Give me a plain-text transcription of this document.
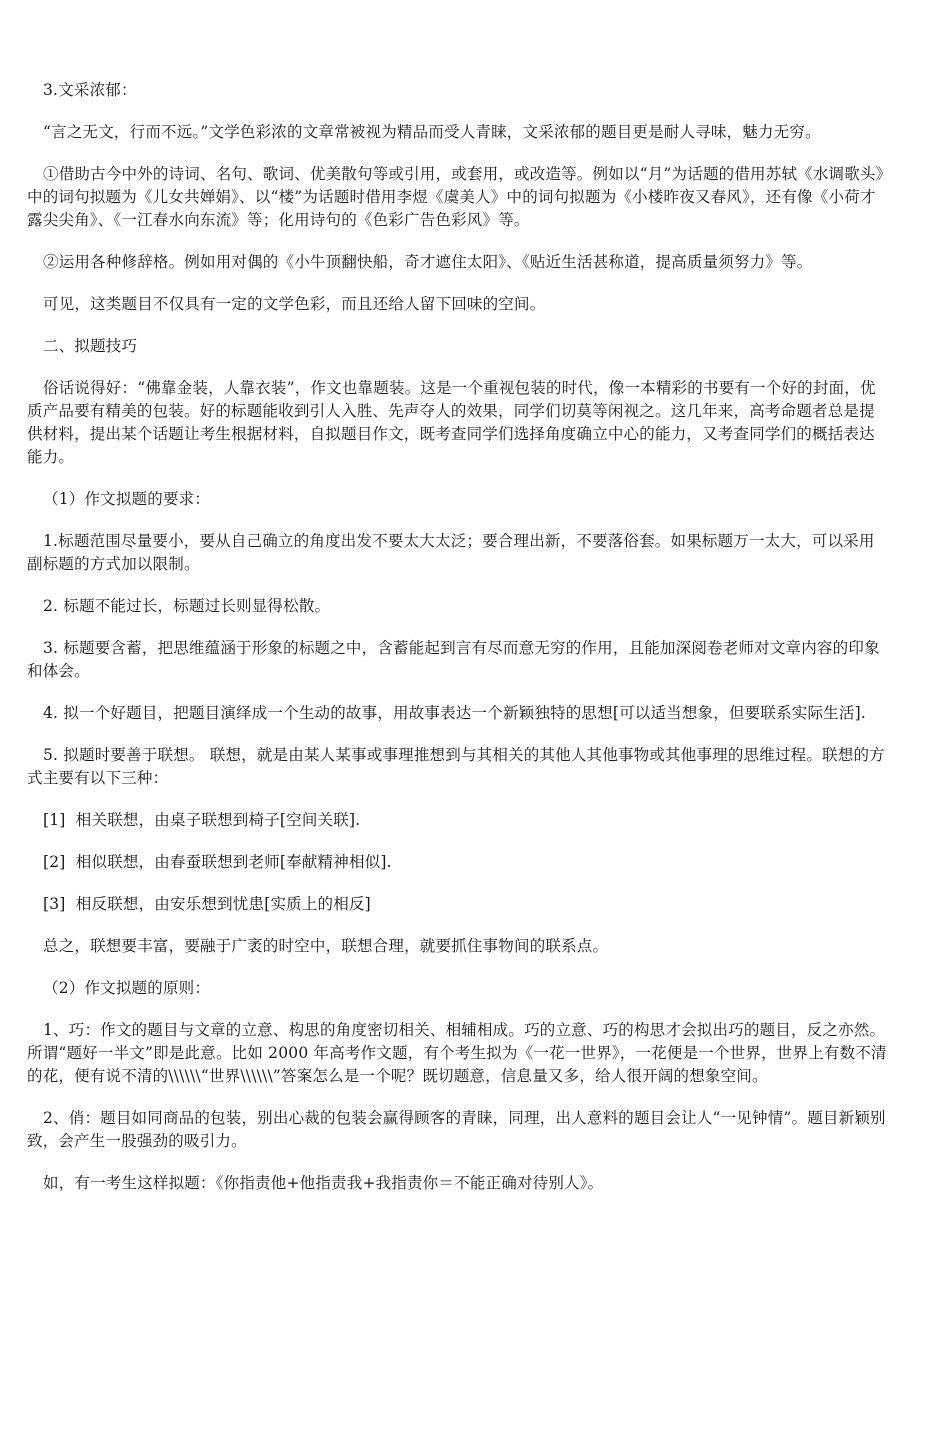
3.文采浓郁：

“言之无文，行而不远。”文学色彩浓的文章常被视为精品而受人青睐，文采浓郁的题目更是耐人寻味，魅力无穷。

①借助古今中外的诗词、名句、歌词、优美散句等或引用，或套用，或改造等。例如以“月”为话题的借用苏轼《水调歌头》中的词句拟题为《儿女共婵娟》、以“楼”为话题时借用李煜《虞美人》中的词句拟题为《小楼昨夜又春风》，还有像《小荷才露尖尖角》、《一江春水向东流》等；化用诗句的《色彩广告色彩风》等。

②运用各种修辞格。例如用对偶的《小牛顶翻快船，奇才遮住太阳》、《贴近生活甚称道，提高质量须努力》等。

可见，这类题目不仅具有一定的文学色彩，而且还给人留下回味的空间。

二、拟题技巧

俗话说得好：“佛靠金装，人靠衣装”，作文也靠题装。这是一个重视包装的时代，像一本精彩的书要有一个好的封面，优质产品要有精美的包装。好的标题能收到引人入胜、先声夺人的效果，同学们切莫等闲视之。这几年来，高考命题者总是提供材料，提出某个话题让考生根据材料，自拟题目作文，既考查同学们选择角度确立中心的能力，又考查同学们的概括表达能力。

（1）作文拟题的要求：

1.标题范围尽量要小，要从自己确立的角度出发不要太大太泛；要合理出新，不要落俗套。如果标题万一太大，可以采用副标题的方式加以限制。

2. 标题不能过长，标题过长则显得松散。

3. 标题要含蓄，把思维蕴涵于形象的标题之中，含蓄能起到言有尽而意无穷的作用，且能加深阅卷老师对文章内容的印象和体会。

4. 拟一个好题目，把题目演绎成一个生动的故事，用故事表达一个新颖独特的思想[可以适当想象，但要联系实际生活].

5. 拟题时要善于联想。 联想，就是由某人某事或事理推想到与其相关的其他人其他事物或其他事理的思维过程。联想的方式主要有以下三种：

[1]  相关联想，由桌子联想到椅子[空间关联].

[2]  相似联想，由春蚕联想到老师[奉献精神相似].

[3]  相反联想，由安乐想到忧患[实质上的相反]

总之，联想要丰富，要融于广袤的时空中，联想合理，就要抓住事物间的联系点。

（2）作文拟题的原则：

1、巧：作文的题目与文章的立意、构思的角度密切相关、相辅相成。巧的立意、巧的构思才会拟出巧的题目，反之亦然。所谓“题好一半文”即是此意。比如 2000 年高考作文题，有个考生拟为《一花一世界》，一花便是一个世界，世界上有数不清的花，便有说不清的\\\\\\“世界\\\\\\”答案怎么是一个呢？既切题意，信息量又多，给人很开阔的想象空间。

2、俏：题目如同商品的包装，别出心裁的包装会赢得顾客的青睐，同理，出人意料的题目会让人“一见钟情”。题目新颖别致，会产生一股强劲的吸引力。

如，有一考生这样拟题：《你指责他+他指责我+我指责你＝不能正确对待别人》。
